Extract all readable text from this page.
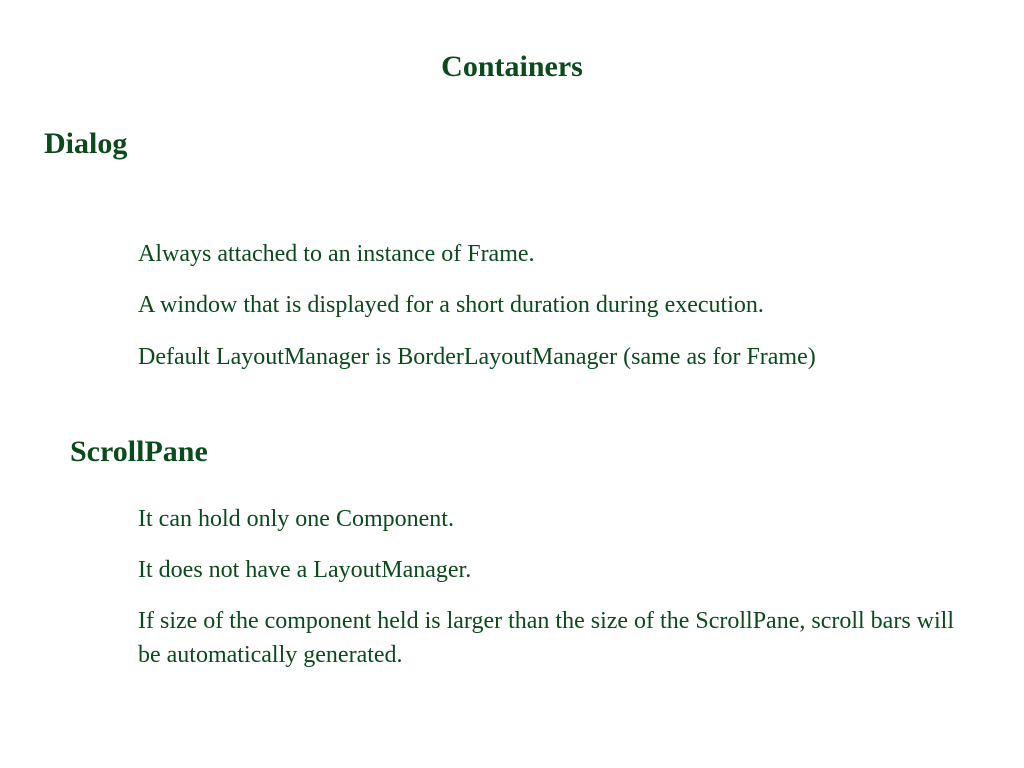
Containers
Dialog
Always attached to an instance of Frame.
A window that is displayed for a short duration during execution.
Default LayoutManager is BorderLayoutManager (same as for Frame)
ScrollPane
It can hold only one Component.
It does not have a LayoutManager.
If size of the component held is larger than the size of the ScrollPane, scroll bars will be automatically generated.
